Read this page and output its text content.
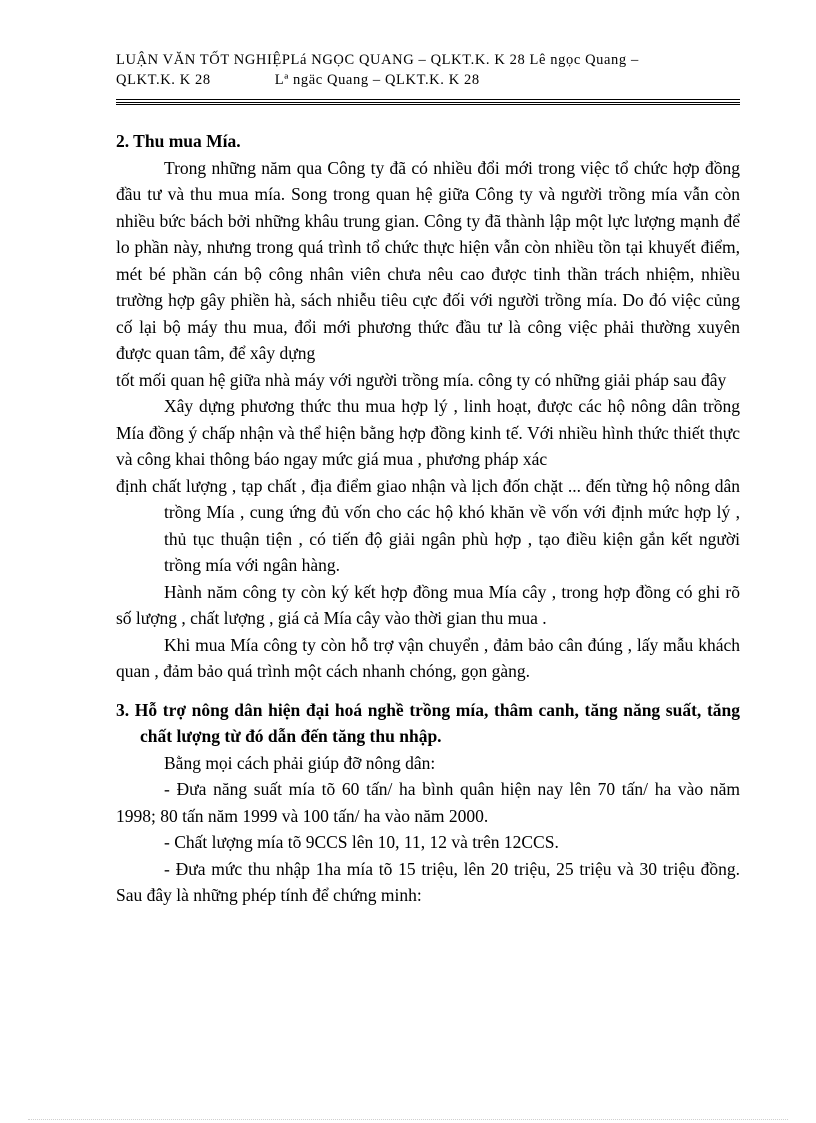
LUẬN VĂN TỐT NGHIỆPLá NGỌC QUANG – QLKT.K. K 28 Lê ngọc Quang –
QLKT.K. K 28	Lª ngäc Quang – QLKT.K. K 28

2. Thu mua Mía.

Trong những năm qua Công ty đã có nhiều đổi mới trong việc tổ chức hợp đồng đầu tư và thu mua mía. Song trong quan hệ giữa Công ty và người trồng mía vẫn còn nhiều bức bách bởi những khâu trung gian. Công ty đã thành lập một lực lượng mạnh để lo phần này, nhưng trong quá trình tổ chức thực hiện vẫn còn nhiều tồn tại khuyết điểm, mét bé phần cán bộ công nhân viên chưa nêu cao được tinh thần trách nhiệm, nhiều trường hợp gây phiền hà, sách nhiễu tiêu cực đối với người trồng mía. Do đó việc củng cố lại bộ máy thu mua, đổi mới phương thức đầu tư là công việc phải thường xuyên được quan tâm, để xây dựng

tốt mối quan hệ giữa nhà máy với người trồng mía. công ty có những giải pháp sau đây

Xây dựng phương thức thu mua hợp lý , linh hoạt, được các hộ nông dân trồng Mía đồng ý chấp nhận và thể hiện bằng hợp đồng kinh tế. Với nhiều hình thức thiết thực và công khai thông báo ngay mức giá mua , phương pháp xác

định chất lượng , tạp chất , địa điểm giao nhận và lịch đốn chặt ... đến từng hộ nông dân trồng Mía , cung ứng đủ vốn cho các hộ khó khăn về vốn với định mức hợp lý , thủ tục thuận tiện , có tiến độ giải ngân phù hợp , tạo điều kiện gắn kết người trồng mía với ngân hàng.

Hành năm công ty còn ký kết hợp đồng mua Mía cây , trong hợp đồng có ghi rõ số lượng , chất lượng , giá cả Mía cây vào thời gian thu mua .

Khi mua Mía công ty còn hỗ trợ vận chuyển , đảm bảo cân đúng , lấy mẫu khách quan , đảm bảo quá trình một cách nhanh chóng, gọn gàng.

3. Hỗ trợ nông dân hiện đại hoá nghề trồng mía, thâm canh, tăng năng suất, tăng chất lượng từ đó dẫn đến tăng thu nhập.

Bằng mọi cách phải giúp đỡ nông dân:

- Đưa năng suất mía tõ 60 tấn/ ha bình quân hiện nay lên 70 tấn/ ha vào năm 1998; 80 tấn năm 1999 và 100 tấn/ ha vào năm 2000.

- Chất lượng mía tõ 9CCS lên 10, 11, 12 và trên 12CCS.

- Đưa mức thu nhập 1ha mía tõ 15 triệu, lên 20 triệu, 25 triệu và 30 triệu đồng. Sau đây là những phép tính để chứng minh:
